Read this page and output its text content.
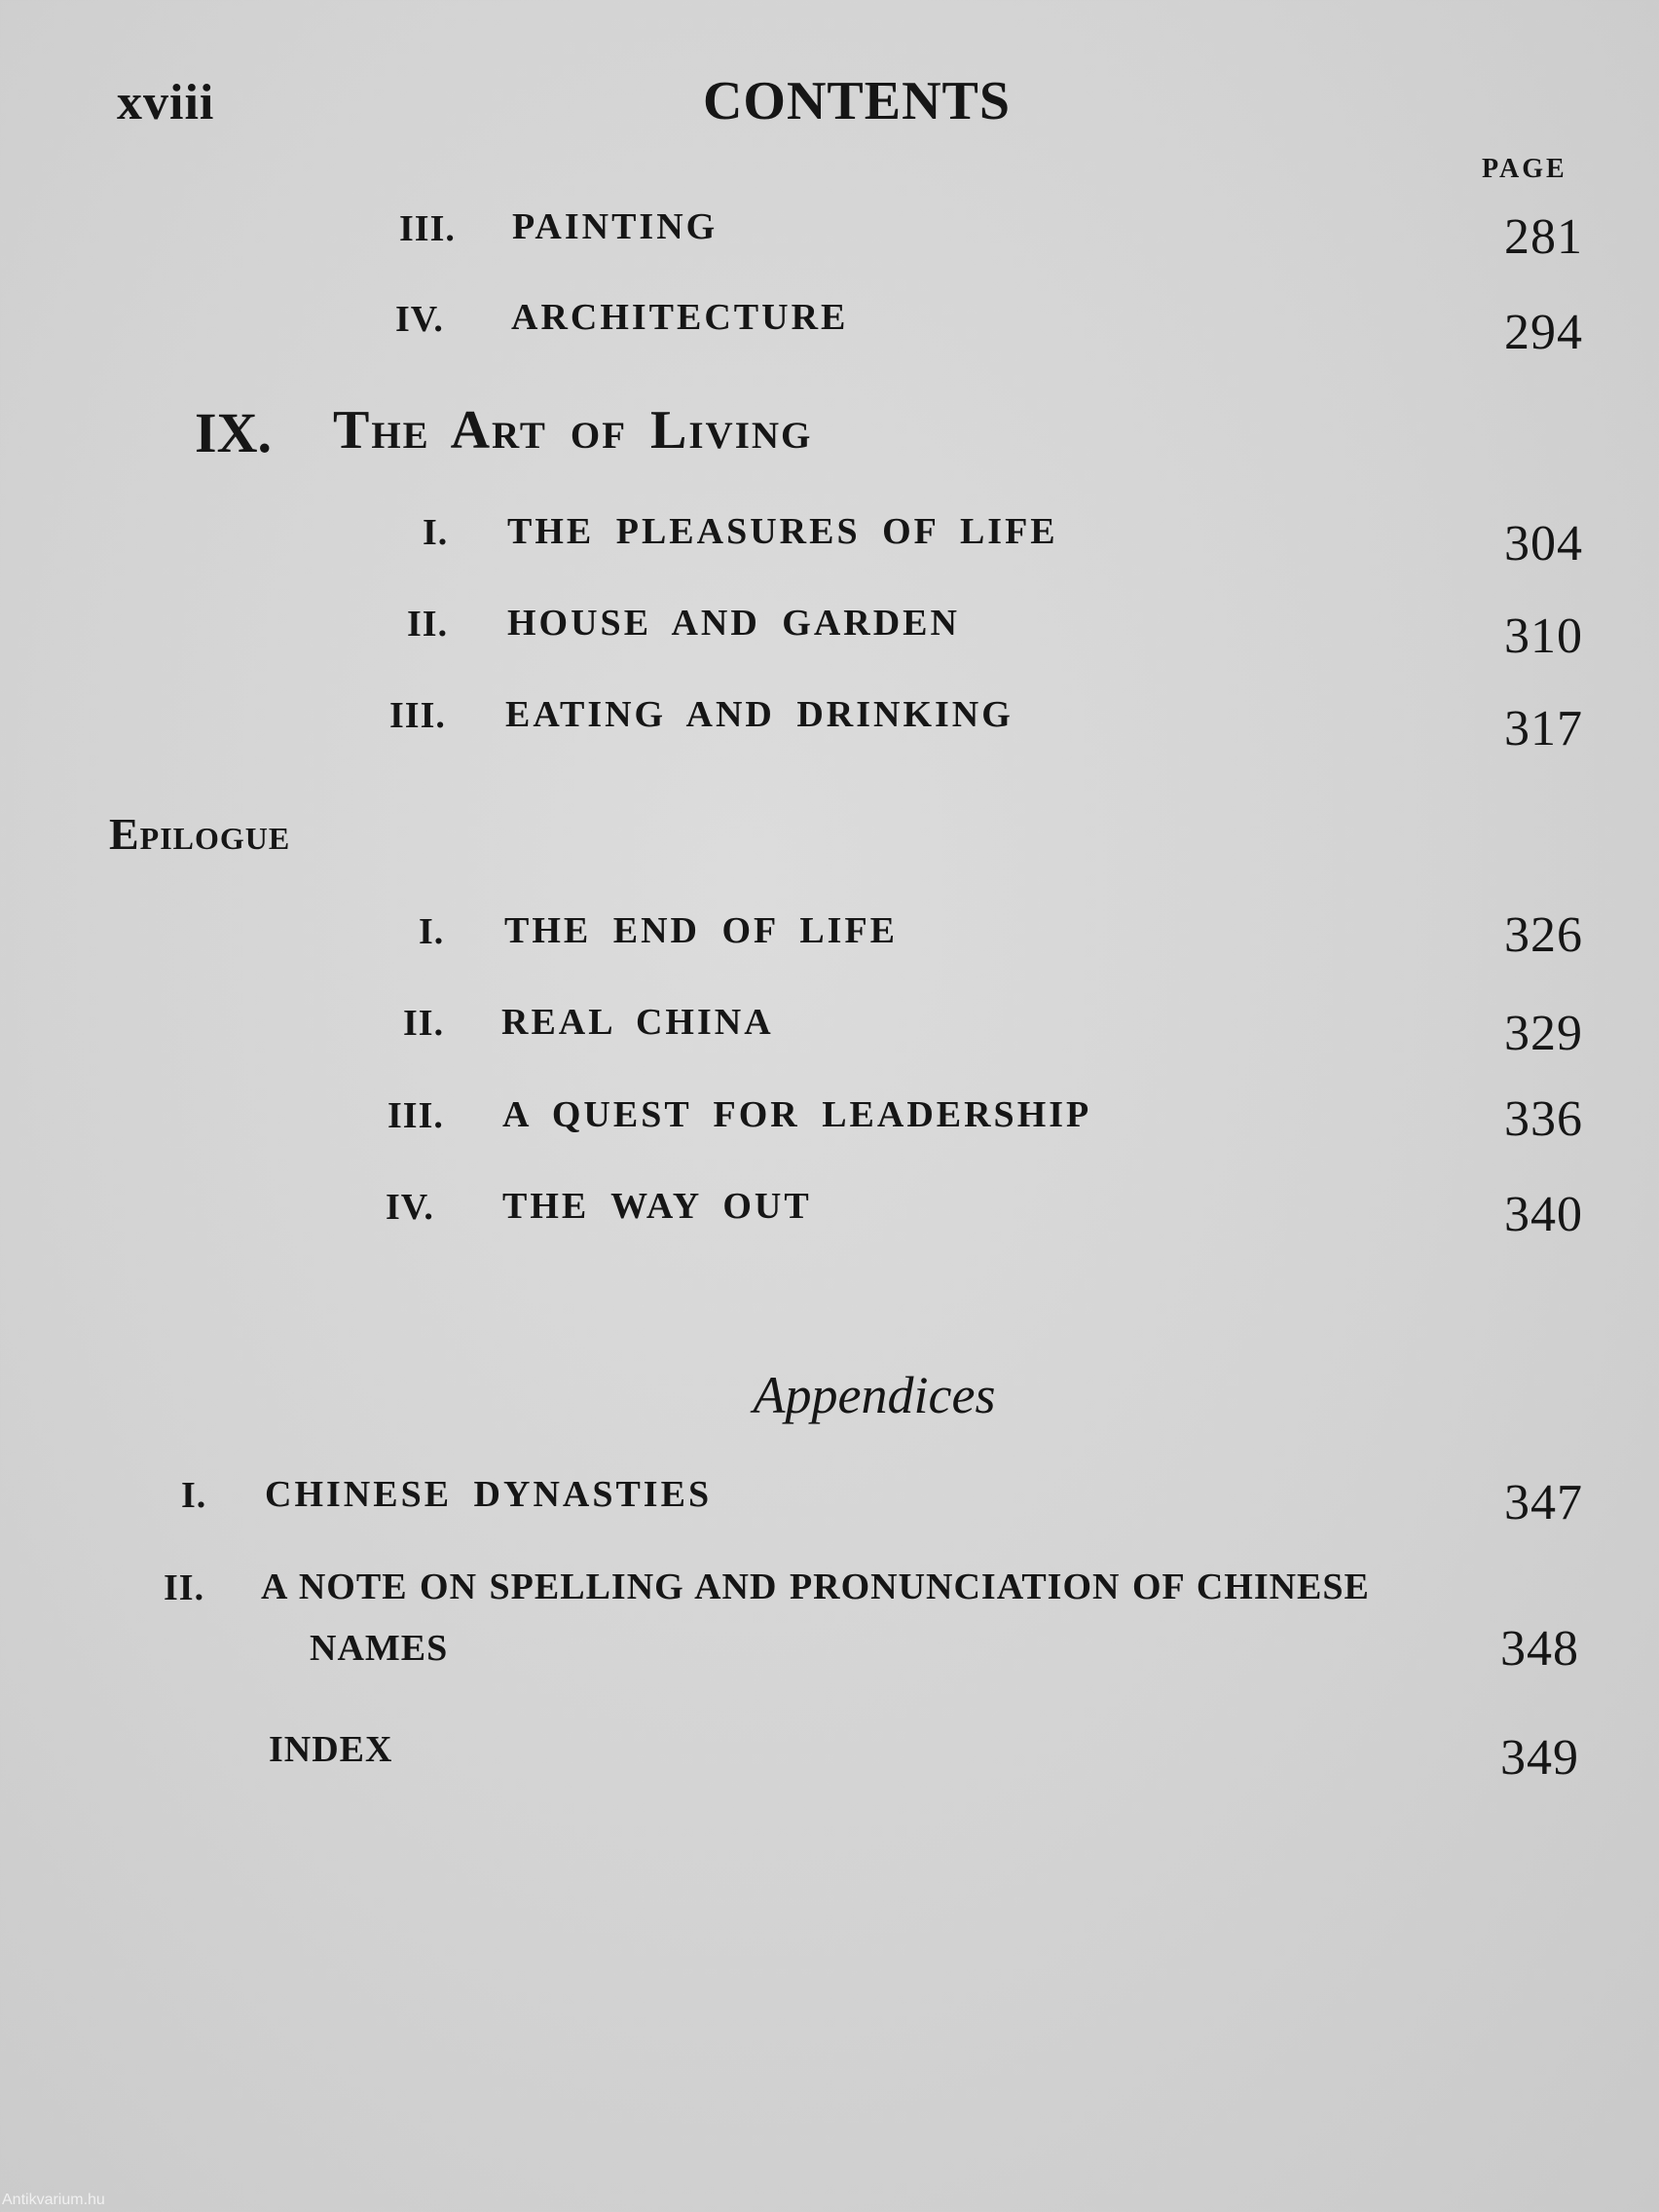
xviii	CONTENTS
PAGE
III. PAINTING	281
IV. ARCHITECTURE	294
IX. The Art of Living
I. THE PLEASURES OF LIFE	304
II. HOUSE AND GARDEN	310
III. EATING AND DRINKING	317
Epilogue
I. THE END OF LIFE	326
II. REAL CHINA	329
III. A QUEST FOR LEADERSHIP	336
IV. THE WAY OUT	340
Appendices
I. CHINESE DYNASTIES	347
II. A NOTE ON SPELLING AND PRONUNCIATION OF CHINESE
NAMES	348
INDEX	349
Antikvarium.hu
